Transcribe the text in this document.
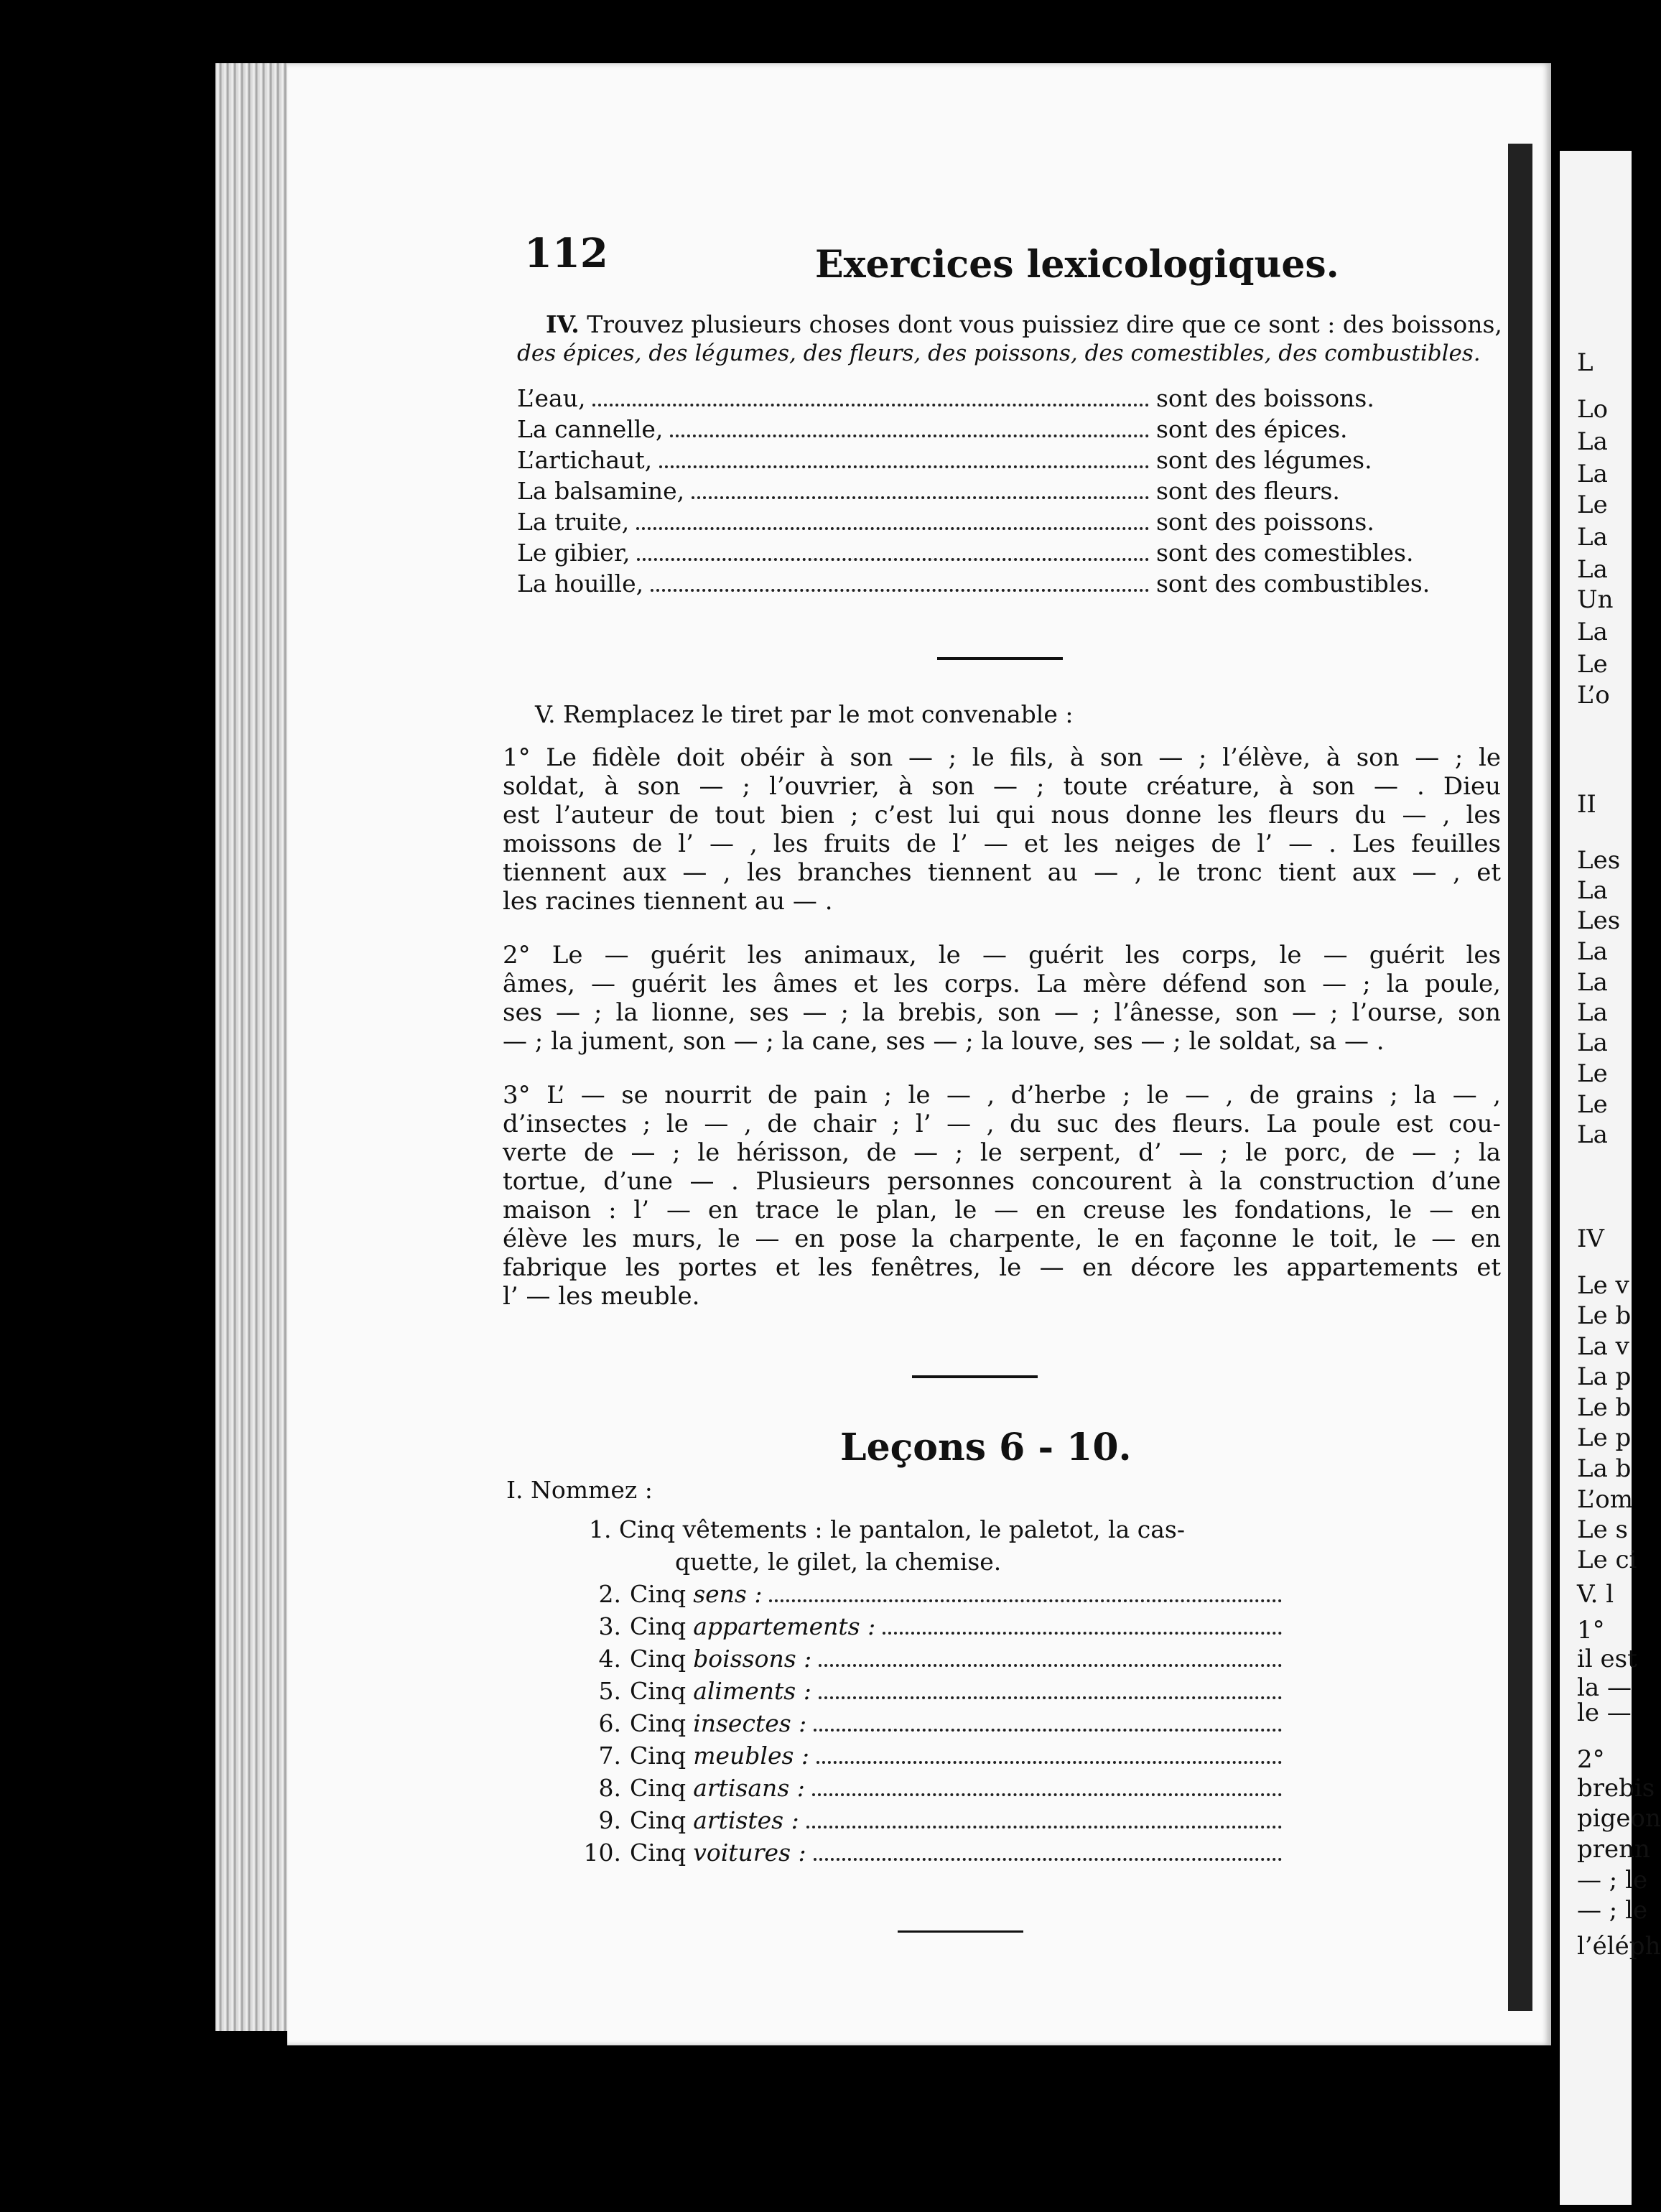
112	Exercices lexicologiques.
IV. Trouvez plusieurs choses dont vous puissiez dire que ce sont : des boissons,
des épices, des légumes, des fleurs, des poissons, des comestibles, des combustibles.
L’eau,	sont des boissons.
La cannelle,	sont des épices.
L’artichaut,	sont des légumes.
La balsamine,	sont des fleurs.
La truite,	sont des poissons.
Le gibier,	sont des comestibles.
La houille,	sont des combustibles.
V. Remplacez le tiret par le mot convenable :
1° Le fidèle doit obéir à son — ; le fils, à son — ; l’élève, à son — ; le
soldat, à son — ; l’ouvrier, à son — ; toute créature, à son — . Dieu
est l’auteur de tout bien ; c’est lui qui nous donne les fleurs du — , les
moissons de l’ — , les fruits de l’ — et les neiges de l’ — . Les feuilles
tiennent aux — , les branches tiennent au — , le tronc tient aux — , et
les racines tiennent au — .
2° Le — guérit les animaux, le — guérit les corps, le — guérit les
âmes, — guérit les âmes et les corps. La mère défend son — ; la poule,
ses — ; la lionne, ses — ; la brebis, son — ; l’ânesse, son — ; l’ourse, son
— ; la jument, son — ; la cane, ses — ; la louve, ses — ; le soldat, sa — .
3° L’ — se nourrit de pain ; le — , d’herbe ; le — , de grains ; la — ,
d’insectes ; le — , de chair ; l’ — , du suc des fleurs. La poule est cou-
verte de — ; le hérisson, de — ; le serpent, d’ — ; le porc, de — ; la
tortue, d’une — . Plusieurs personnes concourent à la construction d’une
maison : l’ — en trace le plan, le — en creuse les fondations, le — en
élève les murs, le — en pose la charpente, le en façonne le toit, le — en
fabrique les portes et les fenêtres, le — en décore les appartements et
l’ — les meuble.
Leçons 6 - 10.
I. Nommez :
1. Cinq vêtements : le pantalon, le paletot, la cas-
quette, le gilet, la chemise.
2. Cinq sens :
3. Cinq appartements :
4. Cinq boissons :
5. Cinq aliments :
6. Cinq insectes :
7. Cinq meubles :
8. Cinq artisans :
9. Cinq artistes :
10. Cinq voitures :
L
Lo
La
La
Le
La
La
Un
La
Le
L’o
II
Les
La
Les
La
La
La
La
Le
Le
La
IV
Le v
Le b
La v
La p
Le b
Le p
La b
L’om
Le s
Le ci
V. l
1°
il est
la —
le —
2°
brebis
pigeon
prenn
— ; le
— ; le
l’éléph
